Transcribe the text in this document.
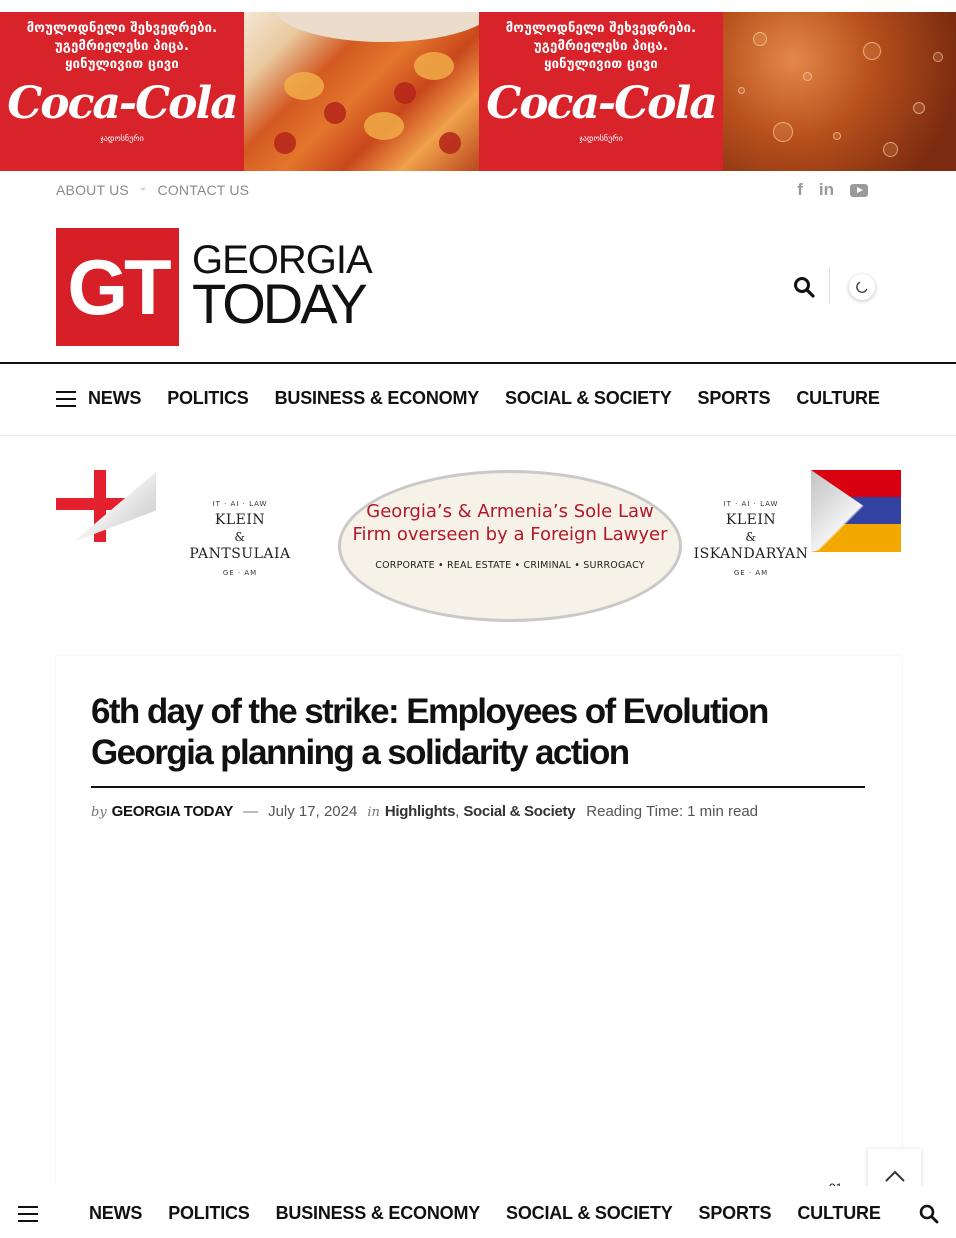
მოულოდნელი შეხვედრები.
უგემრიელესი პიცა.
ყინულივით ცივი
Coca-Cola
ჯადოსნური
მოულოდნელი შეხვედრები.
უგემრიელესი პიცა.
ყინულივით ცივი
Coca-Cola
ჯადოსნური
ABOUT US ⌄ CONTACT US	f in
GT GEORGIA
TODAY
NEWS POLITICS BUSINESS & ECONOMY SOCIAL & SOCIETY SPORTS CULTURE
IT · AI · LAW
KLEIN
&
PANTSULAIA
GE · AM
Georgia’s & Armenia’s Sole Law Firm overseen by a Foreign Lawyer
CORPORATE • REAL ESTATE • CRIMINAL • SURROGACY
IT · AI · LAW
KLEIN
&
ISKANDARYAN
GE · AM
6th day of the strike: Employees of Evolution Georgia planning a solidarity action
by GEORGIA TODAY — July 17, 2024 in Highlights , Social & Society Reading Time: 1 min read
NEWS POLITICS BUSINESS & ECONOMY SOCIAL & SOCIETY SPORTS CULTURE
